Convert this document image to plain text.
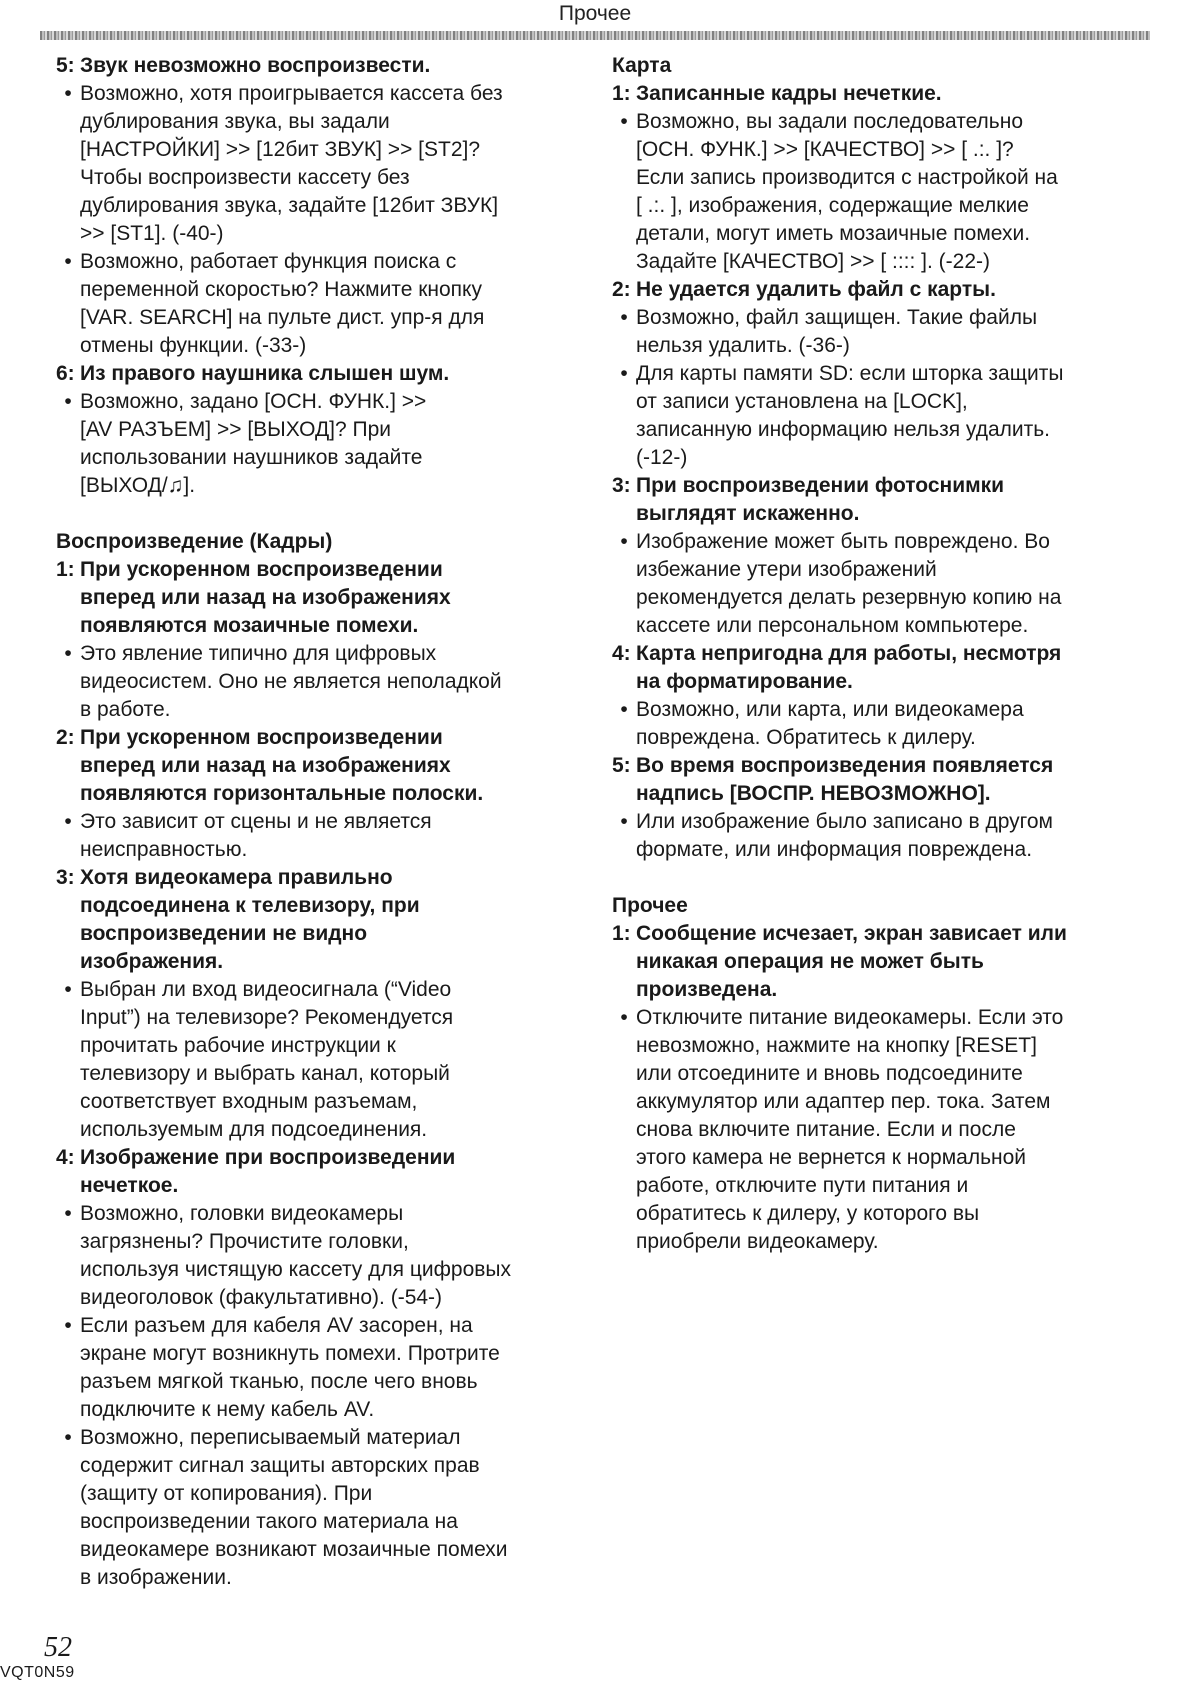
Прочее
5: Звук невозможно воспроизвести.
• Возможно, хотя проигрывается кассета без
дублирования звука, вы задали
[НАСТРОЙКИ] >> [12бит ЗВУК] >> [ST2]?
Чтобы воспроизвести кассету без
дублирования звука, задайте [12бит ЗВУК]
>> [ST1]. (-40-)
• Возможно, работает функция поиска с
переменной скоростью? Нажмите кнопку
[VAR. SEARCH] на пульте дист. упр-я для
отмены функции. (-33-)
6: Из правого наушника слышен шум.
• Возможно, задано [ОСН. ФУНК.] >>
[AV РАЗЪЕМ] >> [ВЫХОД]? При
использовании наушников задайте
[ВЫХОД/♫].
Воспроизведение (Кадры)
1: При ускоренном воспроизведении
вперед или назад на изображениях
появляются мозаичные помехи.
• Это явление типично для цифровых
видеосистем. Оно не является неполадкой
в работе.
2: При ускоренном воспроизведении
вперед или назад на изображениях
появляются горизонтальные полоски.
• Это зависит от сцены и не является
неисправностью.
3: Хотя видеокамера правильно
подсоединена к телевизору, при
воспроизведении не видно
изображения.
• Выбран ли вход видеосигнала (“Video
Input”) на телевизоре? Рекомендуется
прочитать рабочие инструкции к
телевизору и выбрать канал, который
соответствует входным разъемам,
используемым для подсоединения.
4: Изображение при воспроизведении
нечеткое.
• Возможно, головки видеокамеры
загрязнены? Прочистите головки,
используя чистящую кассету для цифровых
видеоголовок (факультативно). (-54-)
• Если разъем для кабеля AV засорен, на
экране могут возникнуть помехи. Протрите
разъем мягкой тканью, после чего вновь
подключите к нему кабель AV.
• Возможно, переписываемый материал
содержит сигнал защиты авторских прав
(защиту от копирования). При
воспроизведении такого материала на
видеокамере возникают мозаичные помехи
в изображении.
Карта
1: Записанные кадры нечеткие.
• Возможно, вы задали последовательно
[ОСН. ФУНК.] >> [КАЧЕСТВО] >> [ .:. ]?
Если запись производится с настройкой на
[ .:. ], изображения, содержащие мелкие
детали, могут иметь мозаичные помехи.
Задайте [КАЧЕСТВО] >> [ :::: ]. (-22-)
2: Не удается удалить файл с карты.
• Возможно, файл защищен. Такие файлы
нельзя удалить. (-36-)
• Для карты памяти SD: если шторка защиты
от записи установлена на [LOCK],
записанную информацию нельзя удалить.
(-12-)
3: При воспроизведении фотоснимки
выглядят искаженно.
• Изображение может быть повреждено. Во
избежание утери изображений
рекомендуется делать резервную копию на
кассете или персональном компьютере.
4: Карта непригодна для работы, несмотря
на форматирование.
• Возможно, или карта, или видеокамера
повреждена. Обратитесь к дилеру.
5: Во время воспроизведения появляется
надпись [ВОСПР. НЕВОЗМОЖНО].
• Или изображение было записано в другом
формате, или информация повреждена.
Прочее
1: Сообщение исчезает, экран зависает или
никакая операция не может быть
произведена.
• Отключите питание видеокамеры. Если это
невозможно, нажмите на кнопку [RESET]
или отсоедините и вновь подсоедините
аккумулятор или адаптер пер. тока. Затем
снова включите питание. Если и после
этого камера не вернется к нормальной
работе, отключите пути питания и
обратитесь к дилеру, у которого вы
приобрели видеокамеру.
52
VQT0N59
